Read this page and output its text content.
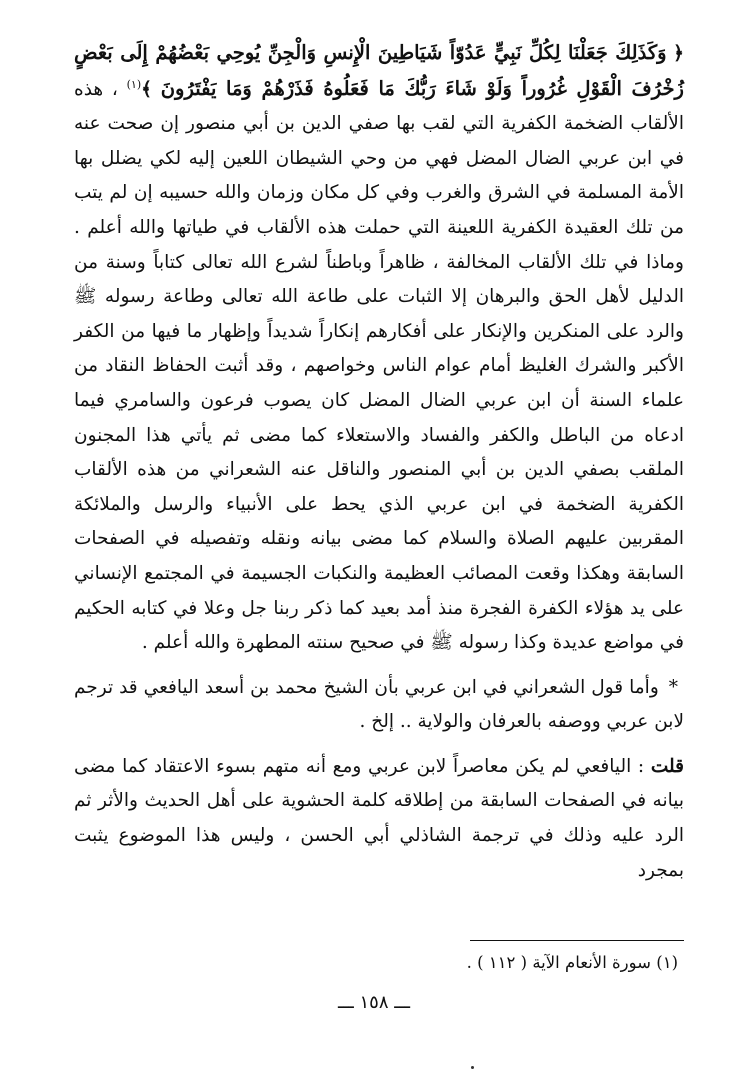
﴿ وَكَذَلِكَ جَعَلْنَا لِكُلِّ نَبِيٍّ عَدُوّاً شَيَاطِينَ الْإِنسِ وَالْجِنِّ يُوحِي بَعْضُهُمْ إِلَى بَعْضٍ زُخْرُفَ الْقَوْلِ غُرُوراً وَلَوْ شَاءَ رَبُّكَ مَا فَعَلُوهُ فَذَرْهُمْ وَمَا يَفْتَرُونَ ﴾$^{(١)}$ ، هذه الألقاب الضخمة الكفرية التي لقب بها صفي الدين بن أبي منصور إن صحت عنه في ابن عربي الضال المضل فهي من وحي الشيطان اللعين إليه لكي يضلل بها الأمة المسلمة في الشرق والغرب وفي كل مكان وزمان والله حسيبه إن لم يتب من تلك العقيدة الكفرية اللعينة التي حملت هذه الألقاب في طياتها والله أعلم . وماذا في تلك الألقاب المخالفة ، ظاهراً وباطناً لشرع الله تعالى كتاباً وسنة من الدليل لأهل الحق والبرهان إلا الثبات على طاعة الله تعالى وطاعة رسوله ﷺ والرد على المنكرين والإنكار على أفكارهم إنكاراً شديداً وإظهار ما فيها من الكفر الأكبر والشرك الغليظ أمام عوام الناس وخواصهم ، وقد أثبت الحفاظ النقاد من علماء السنة أن ابن عربي الضال المضل كان يصوب فرعون والسامري فيما ادعاه من الباطل والكفر والفساد والاستعلاء كما مضى ثم يأتي هذا المجنون الملقب بصفي الدين بن أبي المنصور والناقل عنه الشعراني من هذه الألقاب الكفرية الضخمة في ابن عربي الذي يحط على الأنبياء والرسل والملائكة المقربين عليهم الصلاة والسلام كما مضى بيانه ونقله وتفصيله في الصفحات السابقة وهكذا وقعت المصائب العظيمة والنكبات الجسيمة في المجتمع الإنساني على يد هؤلاء الكفرة الفجرة منذ أمد بعيد كما ذكر ربنا جل وعلا في كتابه الحكيم في مواضع عديدة وكذا رسوله ﷺ في صحيح سنته المطهرة والله أعلم .

*وأما قول الشعراني في ابن عربي بأن الشيخ محمد بن أسعد اليافعي قد ترجم لابن عربي ووصفه بالعرفان والولاية .. إلخ .

قلت : اليافعي لم يكن معاصراً لابن عربي ومع أنه متهم بسوء الاعتقاد كما مضى بيانه في الصفحات السابقة من إطلاقه كلمة الحشوية على أهل الحديث والأثر ثم الرد عليه وذلك في ترجمة الشاذلي أبي الحسن ، وليس هذا الموضوع يثبت بمجرد

(١) سورة الأنعام الآية ( ١١٢ ) .
ـــ ١٥٨ ـــ
